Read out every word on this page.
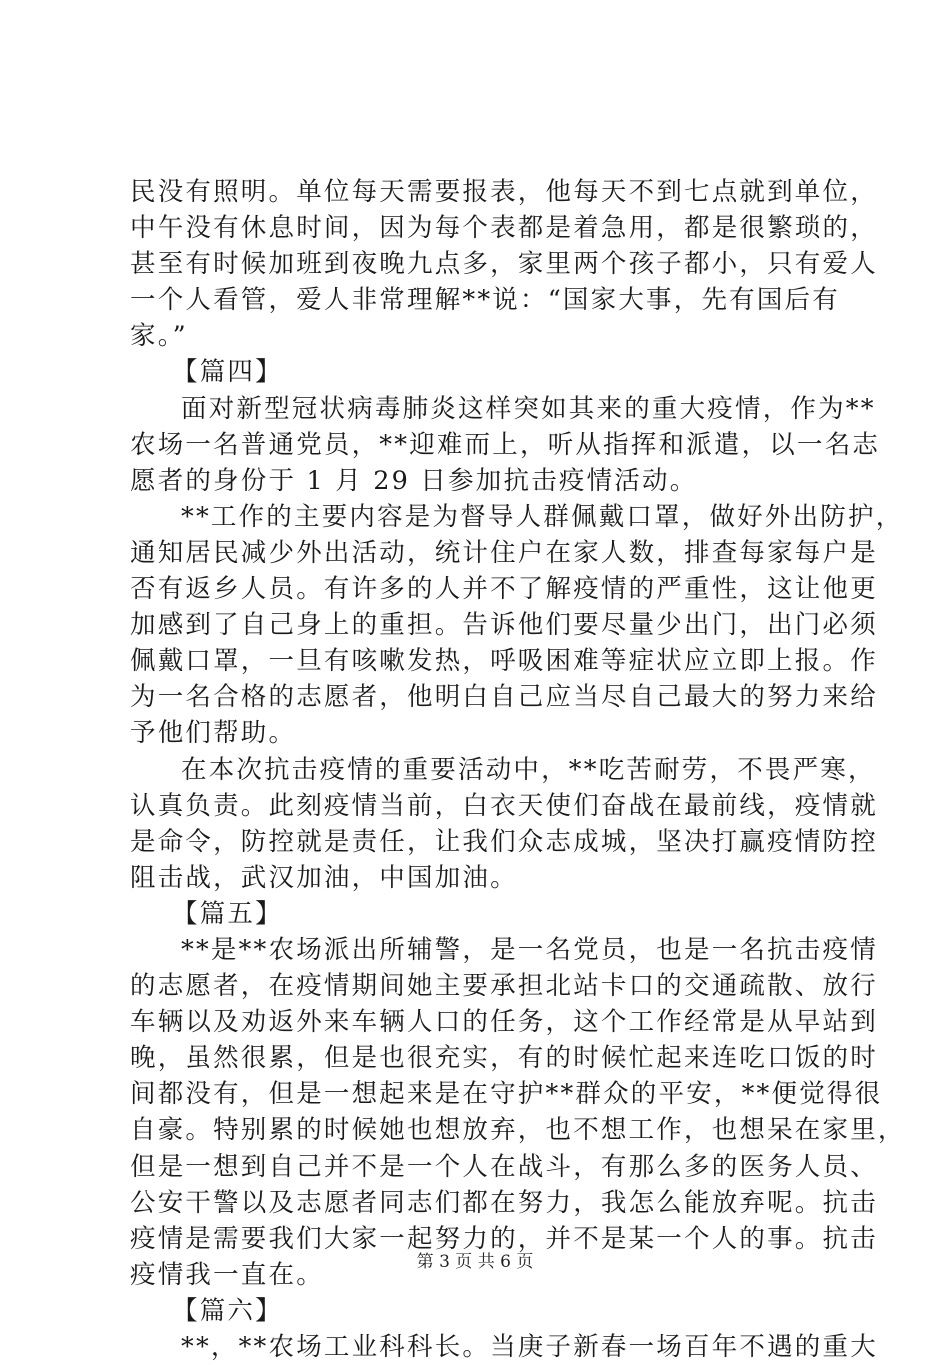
民没有照明。单位每天需要报表，他每天不到七点就到单位，
中午没有休息时间，因为每个表都是着急用，都是很繁琐的，
甚至有时候加班到夜晚九点多，家里两个孩子都小，只有爱人
一个人看管，爱人非常理解**说：“国家大事，先有国后有
家。”
【篇四】
面对新型冠状病毒肺炎这样突如其来的重大疫情，作为**
农场一名普通党员，**迎难而上，听从指挥和派遣，以一名志
愿者的身份于 1 月 29 日参加抗击疫情活动。
**工作的主要内容是为督导人群佩戴口罩，做好外出防护，
通知居民减少外出活动，统计住户在家人数，排查每家每户是
否有返乡人员。有许多的人并不了解疫情的严重性，这让他更
加感到了自己身上的重担。告诉他们要尽量少出门，出门必须
佩戴口罩，一旦有咳嗽发热，呼吸困难等症状应立即上报。作
为一名合格的志愿者，他明白自己应当尽自己最大的努力来给
予他们帮助。
在本次抗击疫情的重要活动中，**吃苦耐劳，不畏严寒，
认真负责。此刻疫情当前，白衣天使们奋战在最前线，疫情就
是命令，防控就是责任，让我们众志成城，坚决打赢疫情防控
阻击战，武汉加油，中国加油。
【篇五】
**是**农场派出所辅警，是一名党员，也是一名抗击疫情
的志愿者，在疫情期间她主要承担北站卡口的交通疏散、放行
车辆以及劝返外来车辆人口的任务，这个工作经常是从早站到
晚，虽然很累，但是也很充实，有的时候忙起来连吃口饭的时
间都没有，但是一想起来是在守护**群众的平安，**便觉得很
自豪。特别累的时候她也想放弃，也不想工作，也想呆在家里，
但是一想到自己并不是一个人在战斗，有那么多的医务人员、
公安干警以及志愿者同志们都在努力，我怎么能放弃呢。抗击
疫情是需要我们大家一起努力的，并不是某一个人的事。抗击
疫情我一直在。
【篇六】
**，**农场工业科科长。当庚子新春一场百年不遇的重大
第 3 页 共 6 页
